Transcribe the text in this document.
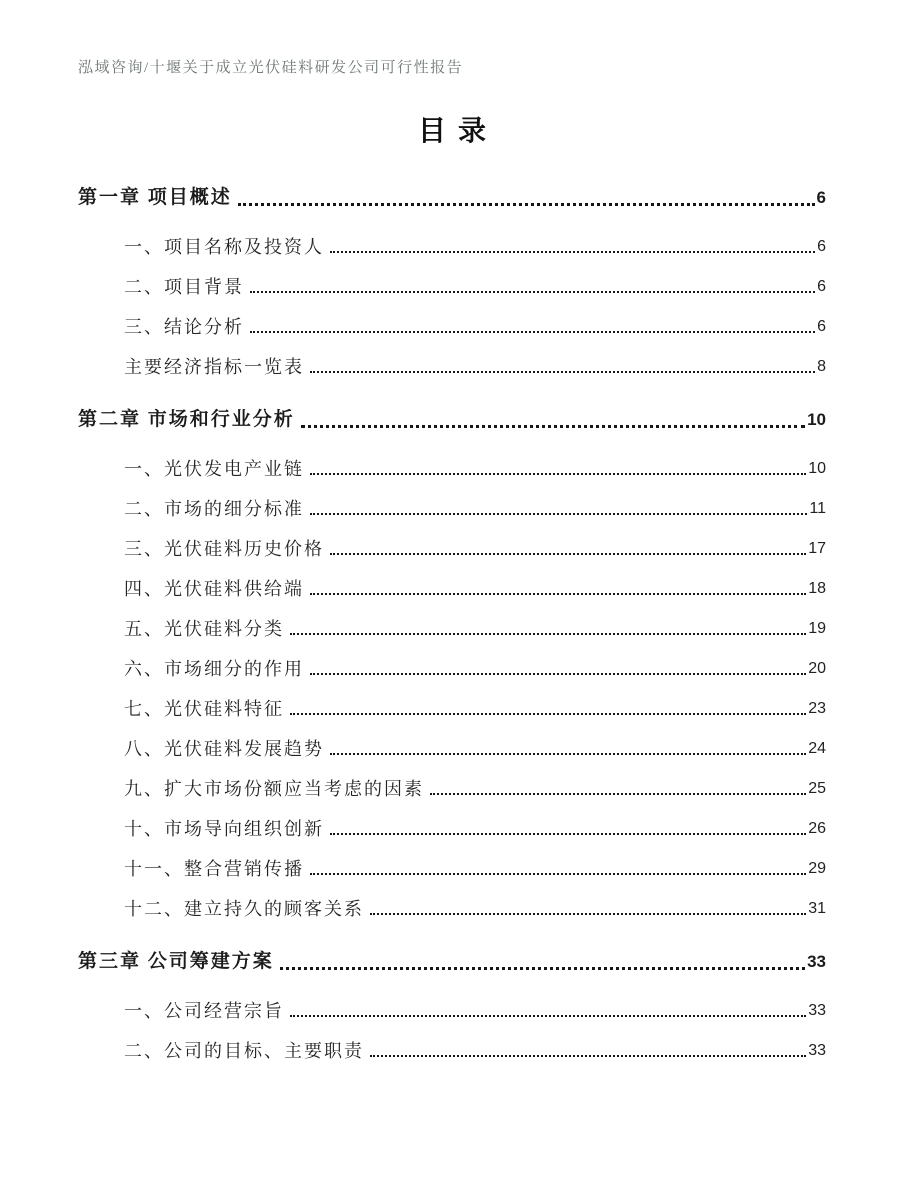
泓域咨询/十堰关于成立光伏硅料研发公司可行性报告
目录
第一章 项目概述	6
一、项目名称及投资人	6
二、项目背景	6
三、结论分析	6
主要经济指标一览表	8
第二章 市场和行业分析	10
一、光伏发电产业链	10
二、市场的细分标准	11
三、光伏硅料历史价格	17
四、光伏硅料供给端	18
五、光伏硅料分类	19
六、市场细分的作用	20
七、光伏硅料特征	23
八、光伏硅料发展趋势	24
九、扩大市场份额应当考虑的因素	25
十、市场导向组织创新	26
十一、整合营销传播	29
十二、建立持久的顾客关系	31
第三章 公司筹建方案	33
一、公司经营宗旨	33
二、公司的目标、主要职责	33
